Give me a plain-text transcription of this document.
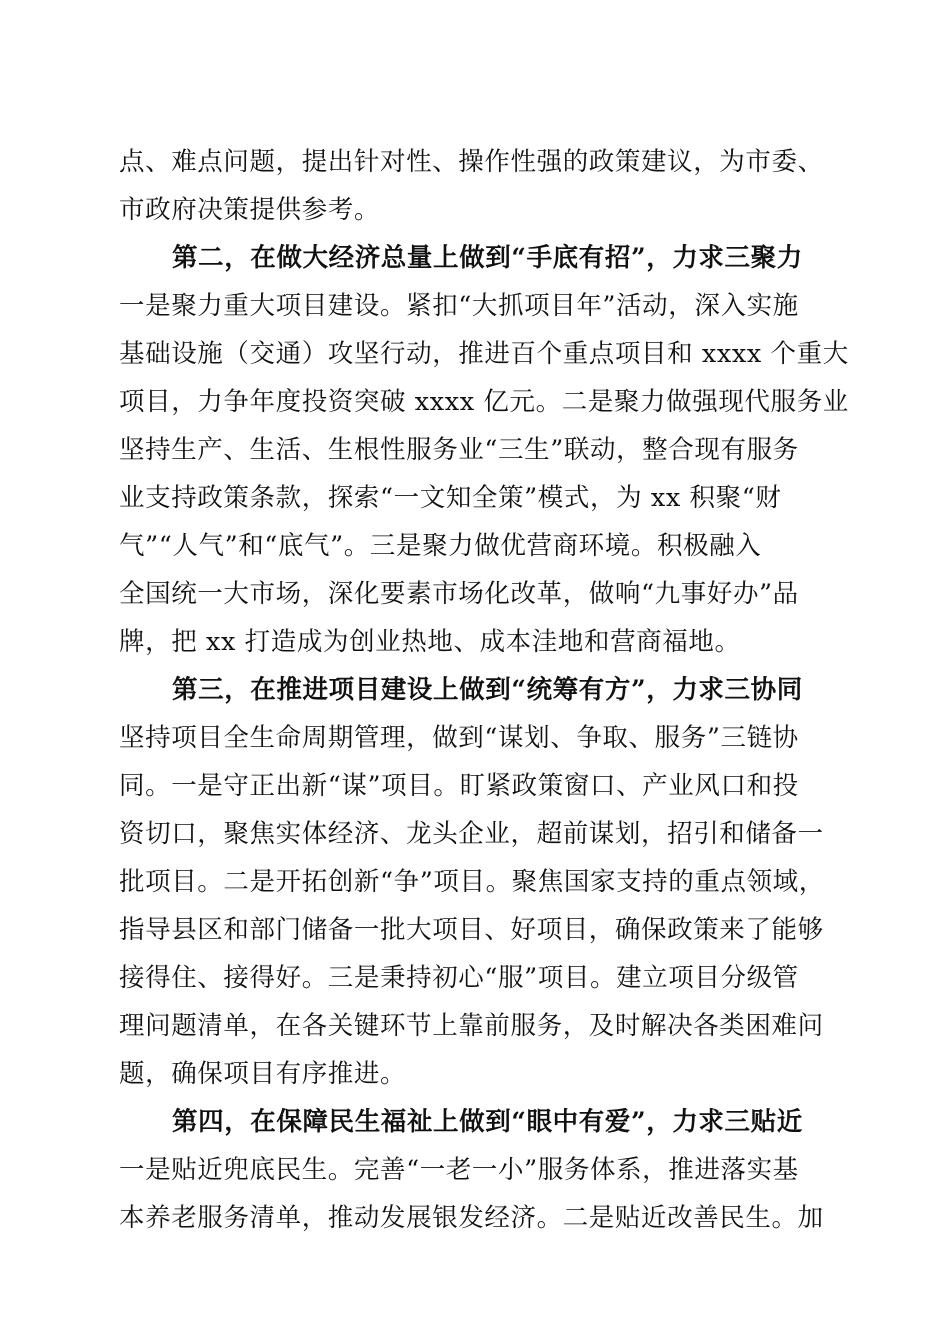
点、难点问题，提出针对性、操作性强的政策建议，为市委、
市政府决策提供参考。
第二，在做大经济总量上做到“手底有招”，力求三聚力
一是聚力重大项目建设。紧扣“大抓项目年”活动，深入实施
基础设施（交通）攻坚行动，推进百个重点项目和 xxxx 个重大
项目，力争年度投资突破 xxxx 亿元。二是聚力做强现代服务业
坚持生产、生活、生根性服务业“三生”联动，整合现有服务
业支持政策条款，探索“一文知全策”模式，为 xx 积聚“财
气”“人气”和“底气”。三是聚力做优营商环境。积极融入
全国统一大市场，深化要素市场化改革，做响“九事好办”品
牌，把 xx 打造成为创业热地、成本洼地和营商福地。
第三，在推进项目建设上做到“统筹有方”，力求三协同
坚持项目全生命周期管理，做到“谋划、争取、服务”三链协
同。一是守正出新“谋”项目。盯紧政策窗口、产业风口和投
资切口，聚焦实体经济、龙头企业，超前谋划，招引和储备一
批项目。二是开拓创新“争”项目。聚焦国家支持的重点领域，
指导县区和部门储备一批大项目、好项目，确保政策来了能够
接得住、接得好。三是秉持初心“服”项目。建立项目分级管
理问题清单，在各关键环节上靠前服务，及时解决各类困难问
题，确保项目有序推进。
第四，在保障民生福祉上做到“眼中有爱”，力求三贴近
一是贴近兜底民生。完善“一老一小”服务体系，推进落实基
本养老服务清单，推动发展银发经济。二是贴近改善民生。加
